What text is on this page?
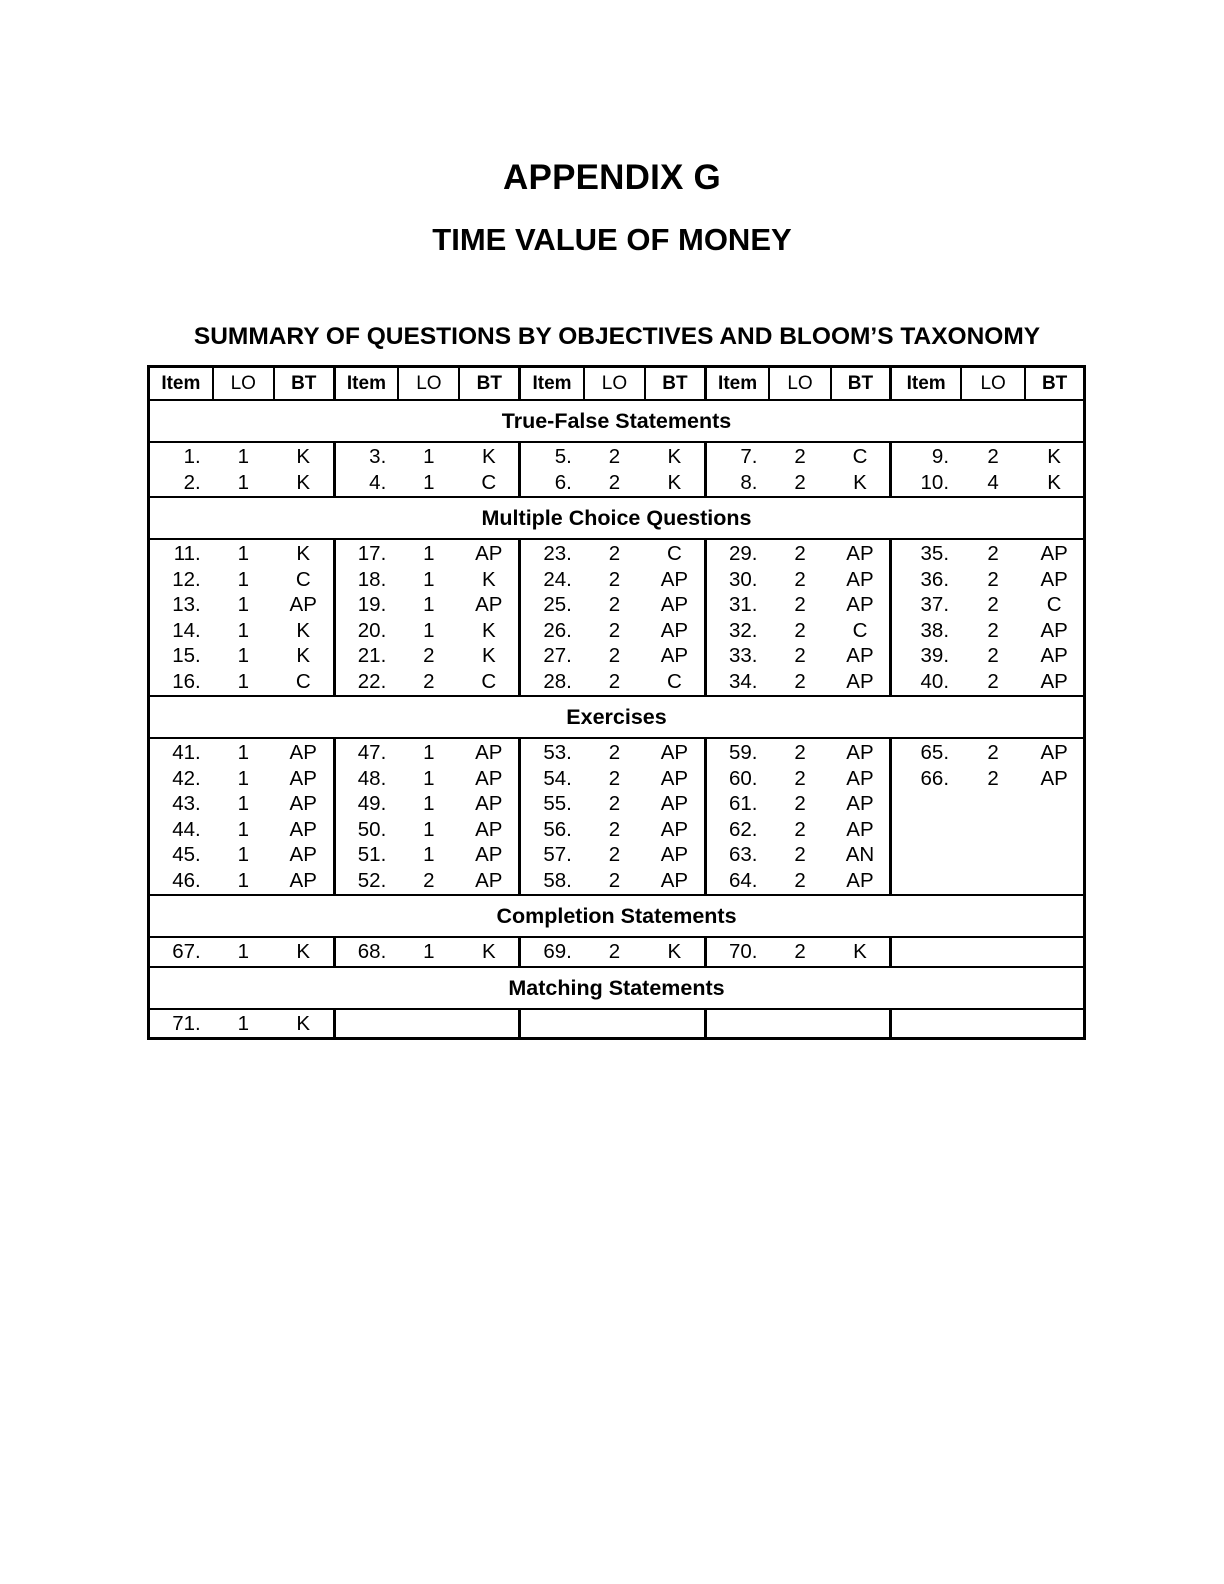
APPENDIX G
TIME VALUE OF MONEY
SUMMARY OF QUESTIONS BY OBJECTIVES AND BLOOM’S TAXONOMY
Item	LO	BT	Item	LO	BT	Item	LO	BT	Item	LO	BT	Item	LO	BT
True-False Statements														
1.	1	K	3.	1	K	5.	2	K	7.	2	C	9.	2	K
2.	1	K	4.	1	C	6.	2	K	8.	2	K	10.	4	K
Multiple Choice Questions														
11.	1	K	17.	1	AP	23.	2	C	29.	2	AP	35.	2	AP
12.	1	C	18.	1	K	24.	2	AP	30.	2	AP	36.	2	AP
13.	1	AP	19.	1	AP	25.	2	AP	31.	2	AP	37.	2	C
14.	1	K	20.	1	K	26.	2	AP	32.	2	C	38.	2	AP
15.	1	K	21.	2	K	27.	2	AP	33.	2	AP	39.	2	AP
16.	1	C	22.	2	C	28.	2	C	34.	2	AP	40.	2	AP
Exercises														
41.	1	AP	47.	1	AP	53.	2	AP	59.	2	AP	65.	2	AP
42.	1	AP	48.	1	AP	54.	2	AP	60.	2	AP	66.	2	AP
43.	1	AP	49.	1	AP	55.	2	AP	61.	2	AP			
44.	1	AP	50.	1	AP	56.	2	AP	62.	2	AP			
45.	1	AP	51.	1	AP	57.	2	AP	63.	2	AN			
46.	1	AP	52.	2	AP	58.	2	AP	64.	2	AP			
Completion Statements														
67.	1	K	68.	1	K	69.	2	K	70.	2	K			
Matching Statements														
71.	1	K												
